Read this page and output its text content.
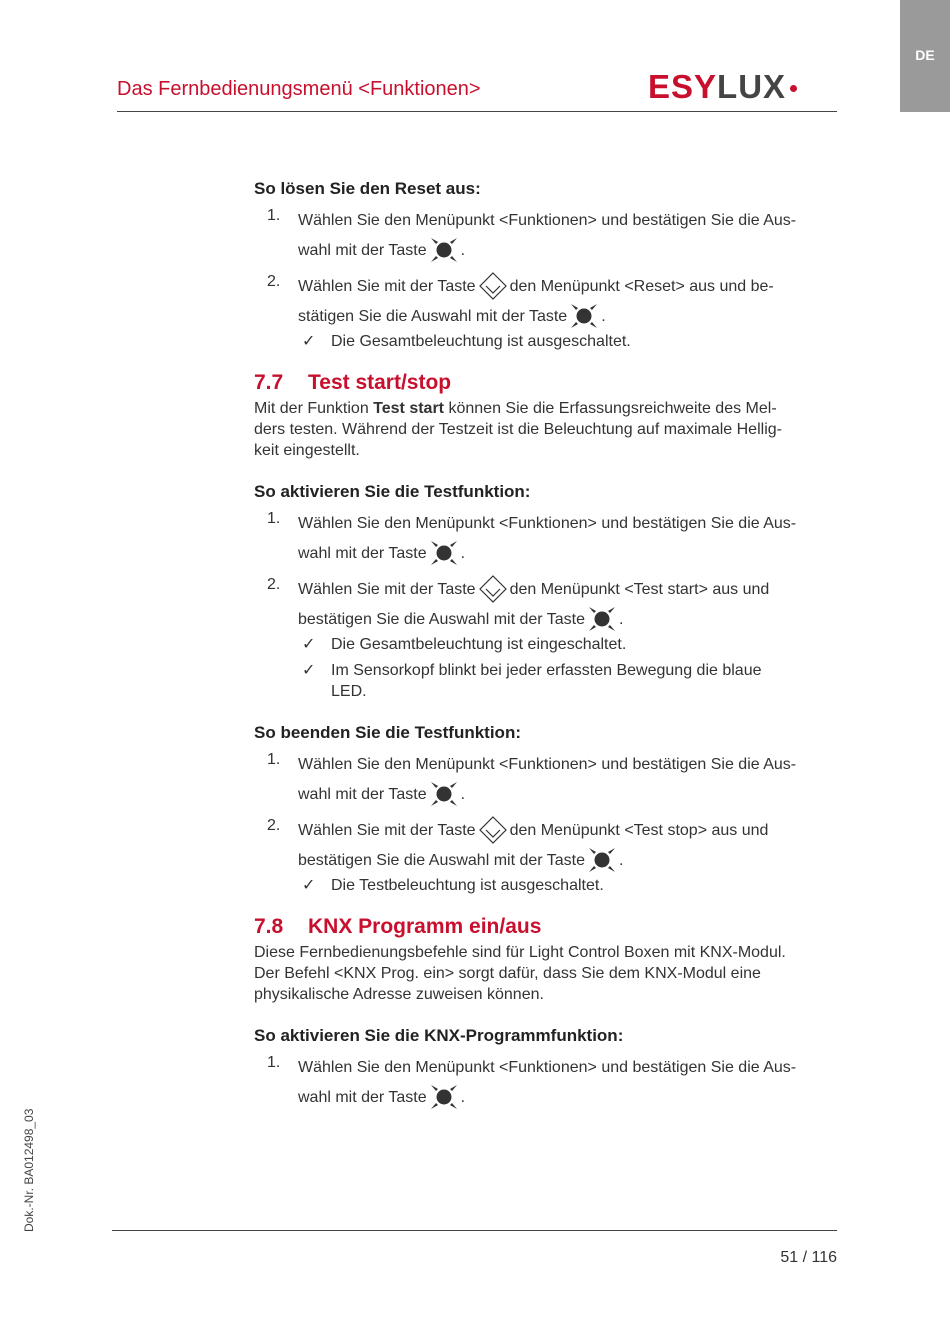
DE
Das Fernbedienungsmenü <Funktionen>	ESY LUX
So lösen Sie den Reset aus:
1.	Wählen Sie den Menüpunkt <Funktionen> und bestätigen Sie die Aus-
wahl mit der Taste .
2.	Wählen Sie mit der Taste den Menüpunkt <Reset> aus und be-
stätigen Sie die Auswahl mit der Taste .
✓ Die Gesamtbeleuchtung ist ausgeschaltet.
7.7	Test start/stop

Mit der Funktion Test start können Sie die Erfassungsreichweite des Mel-
ders testen. Während der Testzeit ist die Beleuchtung auf maximale Hellig-
keit eingestellt.

So aktivieren Sie die Testfunktion:
1.	Wählen Sie den Menüpunkt <Funktionen> und bestätigen Sie die Aus-
wahl mit der Taste .
2.	Wählen Sie mit der Taste den Menüpunkt <Test start> aus und
bestätigen Sie die Auswahl mit der Taste .
✓ Die Gesamtbeleuchtung ist eingeschaltet.
✓ Im Sensorkopf blinkt bei jeder erfassten Bewegung die blaue
LED.
So beenden Sie die Testfunktion:
1.	Wählen Sie den Menüpunkt <Funktionen> und bestätigen Sie die Aus-
wahl mit der Taste .
2.	Wählen Sie mit der Taste den Menüpunkt <Test stop> aus und
bestätigen Sie die Auswahl mit der Taste .
✓ Die Testbeleuchtung ist ausgeschaltet.
7.8	KNX Programm ein/aus

Diese Fernbedienungsbefehle sind für Light Control Boxen mit KNX-Modul.
Der Befehl <KNX Prog. ein> sorgt dafür, dass Sie dem KNX-Modul eine
physikalische Adresse zuweisen können.

So aktivieren Sie die KNX-Programmfunktion:
1.	Wählen Sie den Menüpunkt <Funktionen> und bestätigen Sie die Aus-
wahl mit der Taste .
Dok.-Nr. BA012498_03
51 / 116
